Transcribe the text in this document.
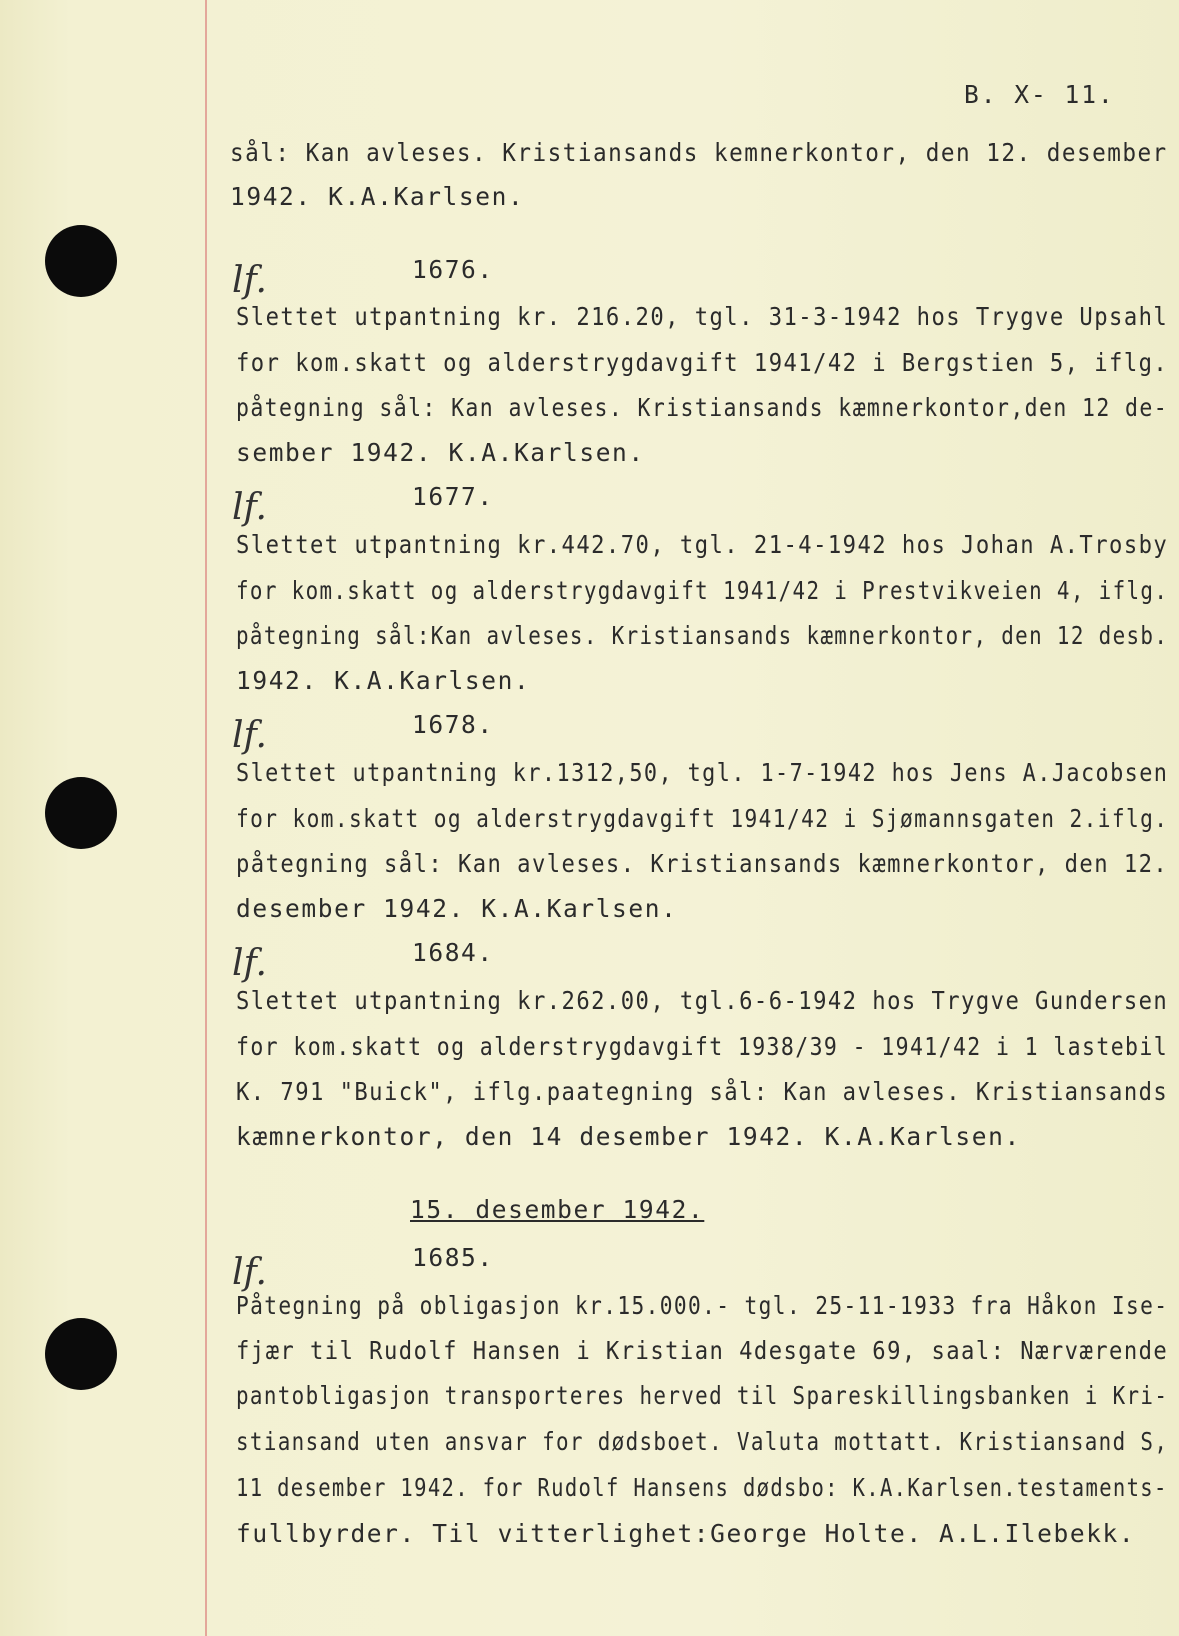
B. X- 11.
sål: Kan avleses. Kristiansands kemnerkontor, den 12. desember
1942. K.A.Karlsen.
lf.	1676.
Slettet utpantning kr. 216.20, tgl. 31-3-1942 hos Trygve Upsahl
for kom.skatt og alderstrygdavgift 1941/42 i Bergstien 5, iflg.
påtegning sål: Kan avleses. Kristiansands kæmnerkontor,den 12 de-
sember 1942. K.A.Karlsen.
lf.	1677.
Slettet utpantning kr.442.70, tgl. 21-4-1942 hos Johan A.Trosby
for kom.skatt og alderstrygdavgift 1941/42 i Prestvikveien 4, iflg.
påtegning sål:Kan avleses. Kristiansands kæmnerkontor, den 12 desb.
1942. K.A.Karlsen.
lf.	1678.
Slettet utpantning kr.1312,50, tgl. 1-7-1942 hos Jens A.Jacobsen
for kom.skatt og alderstrygdavgift 1941/42 i Sjømannsgaten 2.iflg.
påtegning sål: Kan avleses. Kristiansands kæmnerkontor, den 12.
desember 1942. K.A.Karlsen.
lf.	1684.
Slettet utpantning kr.262.00, tgl.6-6-1942 hos Trygve Gundersen
for kom.skatt og alderstrygdavgift 1938/39 - 1941/42 i 1 lastebil
K. 791 "Buick", iflg.paategning sål: Kan avleses. Kristiansands
kæmnerkontor, den 14 desember 1942. K.A.Karlsen.
15. desember 1942.
lf.	1685.
Påtegning på obligasjon kr.15.000.- tgl. 25-11-1933 fra Håkon Ise-
fjær til Rudolf Hansen i Kristian 4desgate 69, saal: Nærværende
pantobligasjon transporteres herved til Spareskillingsbanken i Kri-
stiansand uten ansvar for dødsboet. Valuta mottatt. Kristiansand S,
11 desember 1942. for Rudolf Hansens dødsbo: K.A.Karlsen.testaments-
fullbyrder. Til vitterlighet:George Holte. A.L.Ilebekk.
